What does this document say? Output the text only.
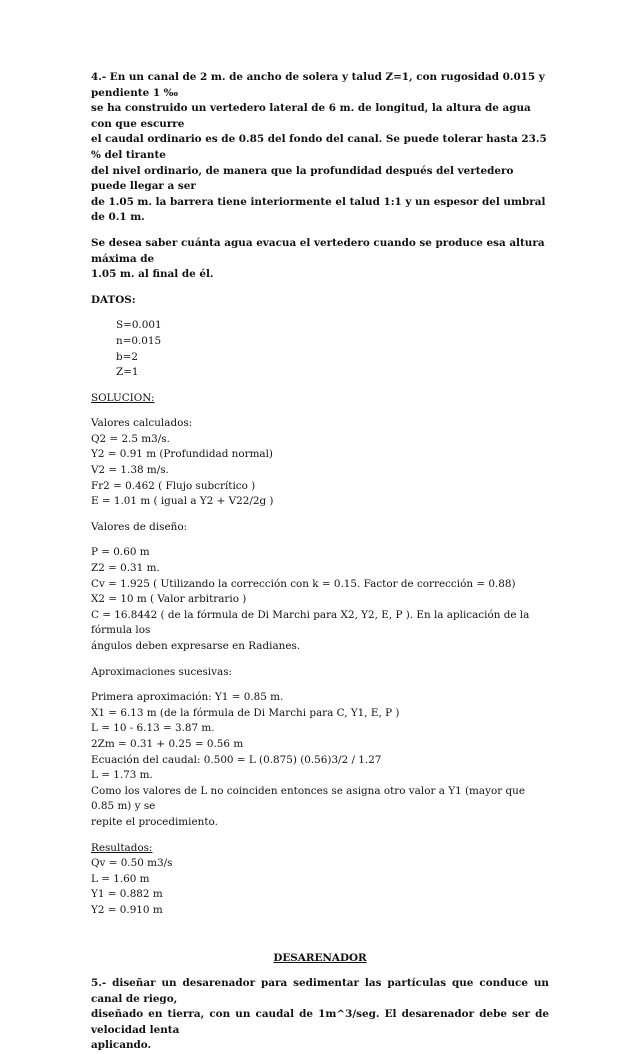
4.- En un canal de 2 m. de ancho de solera y talud Z=1, con rugosidad 0.015 y pendiente 1 ‰

se ha construido un vertedero lateral de 6 m. de longitud, la altura de agua con que escurre

el caudal ordinario es de 0.85 del fondo del canal. Se puede tolerar hasta 23.5 % del tirante

del nivel ordinario, de manera que la profundidad después del vertedero puede llegar a ser

de 1.05 m. la barrera tiene interiormente el talud 1:1 y un espesor del umbral de 0.1 m.

Se desea saber cuánta agua evacua el vertedero cuando se produce esa altura máxima de

1.05 m. al final de él.

DATOS:

S=0.001

n=0.015

b=2

Z=1

SOLUCION:

Valores calculados:

Q2 = 2.5 m3/s.

Y2 = 0.91 m (Profundidad normal)

V2 = 1.38 m/s.

Fr2 = 0.462 ( Flujo subcrítico )

E = 1.01 m ( igual a Y2 + V22/2g )

Valores de diseño:

P = 0.60 m

Z2 = 0.31 m.

Cv = 1.925 ( Utilizando la corrección con k = 0.15. Factor de corrección = 0.88)

X2 = 10 m ( Valor arbitrario )

C = 16.8442 ( de la fórmula de Di Marchi para X2, Y2, E, P ). En la aplicación de la fórmula los

ángulos deben expresarse en Radianes.

Aproximaciones sucesivas:

Primera aproximación: Y1 = 0.85 m.

X1 = 6.13 m (de la fórmula de Di Marchi para C, Y1, E, P )

L = 10 - 6.13 = 3.87 m.

2Zm = 0.31 + 0.25 = 0.56 m

Ecuación del caudal: 0.500 = L (0.875) (0.56)3/2 / 1.27

L = 1.73 m.

Como los valores de L no coinciden entonces se asigna otro valor a Y1 (mayor que 0.85 m) y se

repite el procedimiento.

Resultados:

Qv = 0.50 m3/s

L = 1.60 m

Y1 = 0.882 m

Y2 = 0.910 m

DESARENADOR

5.- diseñar un desarenador para sedimentar las partículas que conduce un canal de riego,

diseñado en tierra, con un caudal de 1m^3/seg. El desarenador debe ser de velocidad lenta

aplicando.
